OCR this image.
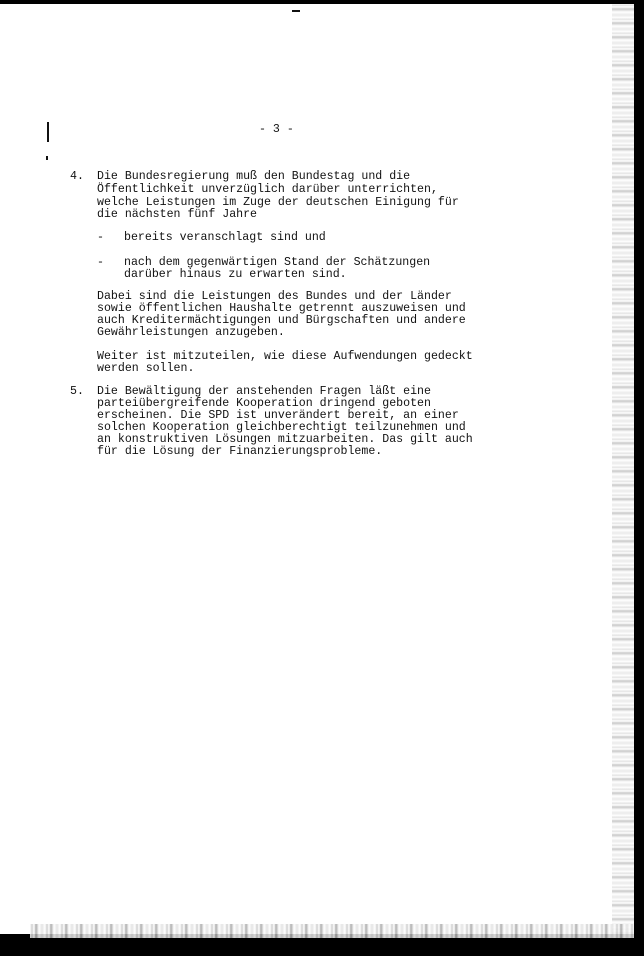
- 3 -
4. Die Bundesregierung muß den Bundestag und die
Öffentlichkeit unverzüglich darüber unterrichten,
welche Leistungen im Zuge der deutschen Einigung für
die nächsten fünf Jahre
- bereits veranschlagt sind und
- nach dem gegenwärtigen Stand der Schätzungen
darüber hinaus zu erwarten sind.
Dabei sind die Leistungen des Bundes und der Länder
sowie öffentlichen Haushalte getrennt auszuweisen und
auch Kreditermächtigungen und Bürgschaften und andere
Gewährleistungen anzugeben.
Weiter ist mitzuteilen, wie diese Aufwendungen gedeckt
werden sollen.
5. Die Bewältigung der anstehenden Fragen läßt eine
parteiübergreifende Kooperation dringend geboten
erscheinen. Die SPD ist unverändert bereit, an einer
solchen Kooperation gleichberechtigt teilzunehmen und
an konstruktiven Lösungen mitzuarbeiten. Das gilt auch
für die Lösung der Finanzierungsprobleme.
